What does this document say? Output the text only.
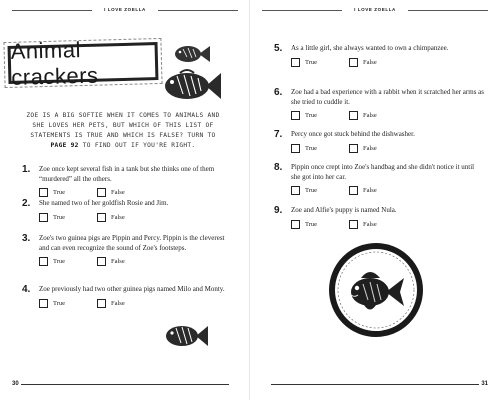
I LOVE ZOELLA
Animal crackers
ZOE IS A BIG SOFTIE WHEN IT COMES TO ANIMALS AND SHE LOVES HER PETS, BUT WHICH OF THIS LIST OF STATEMENTS IS TRUE AND WHICH IS FALSE? TURN TO PAGE 92 TO FIND OUT IF YOU'RE RIGHT.
1. Zoe once kept several fish in a tank but she thinks one of them “murdered” all the others.
True	False
2. She named two of her goldfish Rosie and Jim.
True	False
3. Zoe's two guinea pigs are Pippin and Percy. Pippin is the cleverest and can even recognize the sound of Zoe's footsteps.
True	False
4. Zoe previously had two other guinea pigs named Milo and Monty.
True	False
30
I LOVE ZOELLA
5. As a little girl, she always wanted to own a chimpanzee.
True	False
6. Zoe had a bad experience with a rabbit when it scratched her arms as she tried to cuddle it.
True	False
7. Percy once got stuck behind the dishwasher.
True	False
8. Pippin once crept into Zoe's handbag and she didn't notice it until she got into her car.
True	False
9. Zoe and Alfie's puppy is named Nula.
True	False
31
